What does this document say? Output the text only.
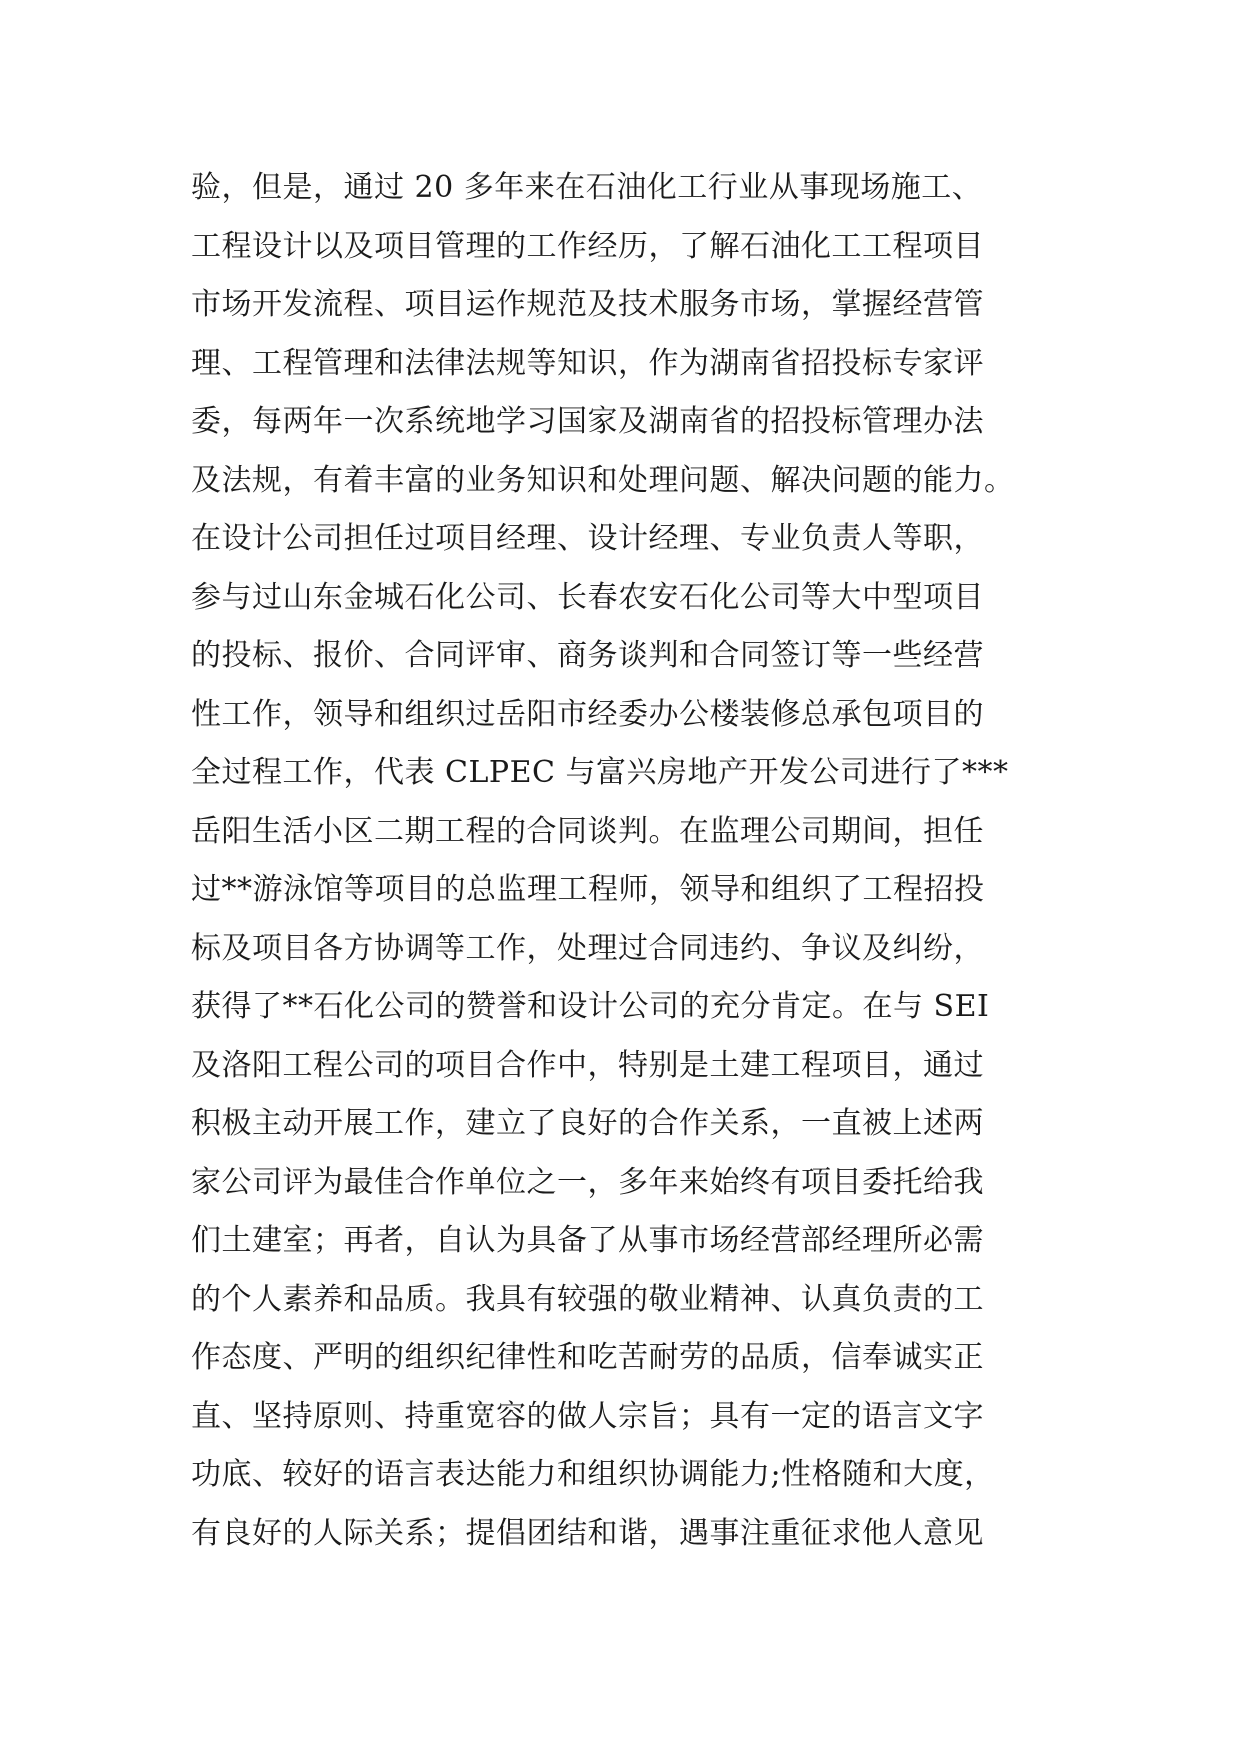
验，但是，通过 20 多年来在石油化工行业从事现场施工、
工程设计以及项目管理的工作经历，了解石油化工工程项目
市场开发流程、项目运作规范及技术服务市场，掌握经营管
理、工程管理和法律法规等知识，作为湖南省招投标专家评
委，每两年一次系统地学习国家及湖南省的招投标管理办法
及法规，有着丰富的业务知识和处理问题、解决问题的能力。
在设计公司担任过项目经理、设计经理、专业负责人等职，
参与过山东金城石化公司、长春农安石化公司等大中型项目
的投标、报价、合同评审、商务谈判和合同签订等一些经营
性工作，领导和组织过岳阳市经委办公楼装修总承包项目的
全过程工作，代表 CLPEC 与富兴房地产开发公司进行了***
岳阳生活小区二期工程的合同谈判。在监理公司期间，担任
过**游泳馆等项目的总监理工程师，领导和组织了工程招投
标及项目各方协调等工作，处理过合同违约、争议及纠纷，
获得了**石化公司的赞誉和设计公司的充分肯定。在与 SEI
及洛阳工程公司的项目合作中，特别是土建工程项目，通过
积极主动开展工作，建立了良好的合作关系，一直被上述两
家公司评为最佳合作单位之一，多年来始终有项目委托给我
们土建室；再者，自认为具备了从事市场经营部经理所必需
的个人素养和品质。我具有较强的敬业精神、认真负责的工
作态度、严明的组织纪律性和吃苦耐劳的品质，信奉诚实正
直、坚持原则、持重宽容的做人宗旨；具有一定的语言文字
功底、较好的语言表达能力和组织协调能力;性格随和大度，
有良好的人际关系；提倡团结和谐，遇事注重征求他人意见
